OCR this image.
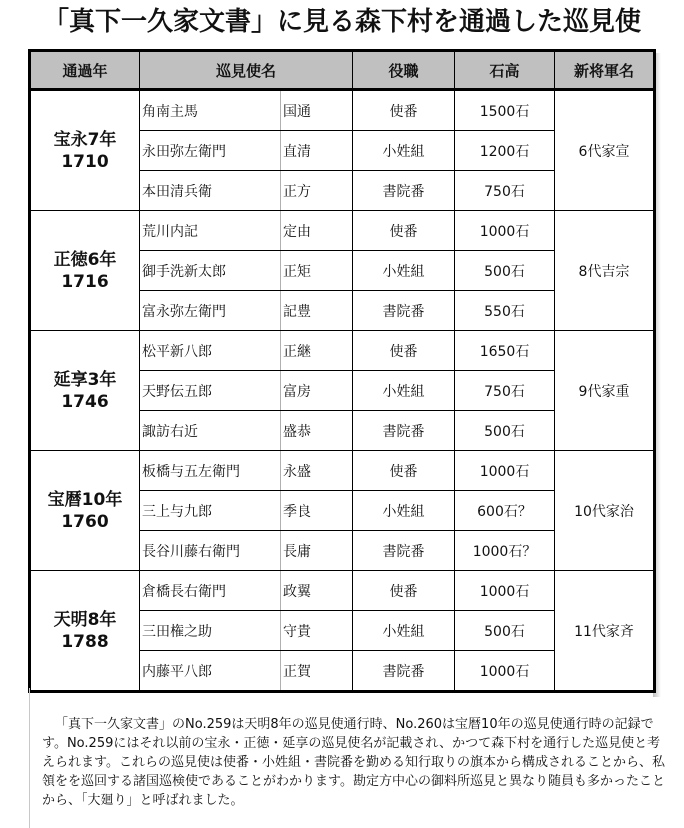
「真下一久家文書」に見る森下村を通過した巡見使
通過年	巡見使名		役職	石高	新将軍名

宝永7年
1710	角南主馬	国通	使番	1500石	6代家宣
	永田弥左衛門	直清	小姓組	1200石	
	本田清兵衛	正方	書院番	750石	

正徳6年
1716	荒川内記	定由	使番	1000石	8代吉宗
	御手洗新太郎	正矩	小姓組	500石	
	富永弥左衛門	記豊	書院番	550石	

延享3年
1746	松平新八郎	正継	使番	1650石	9代家重
	天野伝五郎	富房	小姓組	750石	
	諏訪右近	盛恭	書院番	500石	

宝暦10年
1760	板橋与五左衛門	永盛	使番	1000石	10代家治
	三上与九郎	季良	小姓組	600石？	
	長谷川藤右衛門	長庸	書院番	1000石？	

天明8年
1788	倉橋長右衛門	政翼	使番	1000石	11代家斉
	三田権之助	守貴	小姓組	500石	
	内藤平八郎	正賀	書院番	1000石	

「真下一久家文書」のNo.259は天明8年の巡見使通行時、No.260は宝暦10年の巡見使通行時の記録です。No.259にはそれ以前の宝永・正徳・延享の巡見使名が記載され、かつて森下村を通行した巡見使と考えられます。これらの巡見使は使番・小姓組・書院番を勤める知行取りの旗本から構成されることから、私領をを巡回する諸国巡検使であることがわかります。勘定方中心の御料所巡見と異なり随員も多かったことから、「大廻り」と呼ばれました。
